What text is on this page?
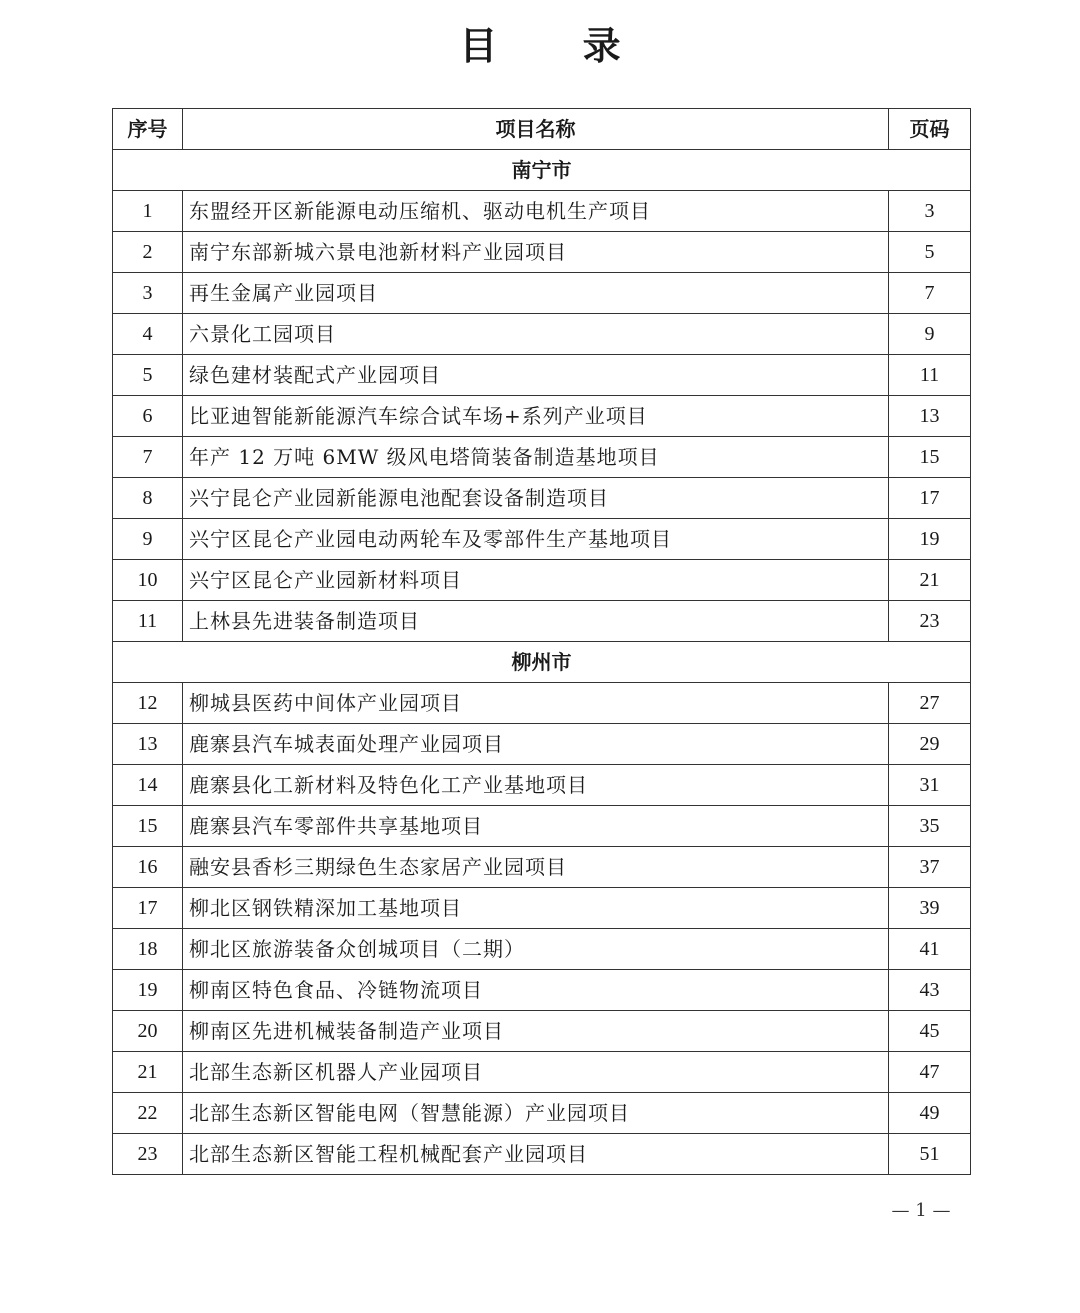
目 录
序号	项目名称	页码
南宁市		
1	东盟经开区新能源电动压缩机、驱动电机生产项目	3
2	南宁东部新城六景电池新材料产业园项目	5
3	再生金属产业园项目	7
4	六景化工园项目	9
5	绿色建材装配式产业园项目	11
6	比亚迪智能新能源汽车综合试车场+系列产业项目	13
7	年产 12 万吨 6MW 级风电塔筒装备制造基地项目	15
8	兴宁昆仑产业园新能源电池配套设备制造项目	17
9	兴宁区昆仑产业园电动两轮车及零部件生产基地项目	19
10	兴宁区昆仑产业园新材料项目	21
11	上林县先进装备制造项目	23
柳州市		
12	柳城县医药中间体产业园项目	27
13	鹿寨县汽车城表面处理产业园项目	29
14	鹿寨县化工新材料及特色化工产业基地项目	31
15	鹿寨县汽车零部件共享基地项目	35
16	融安县香杉三期绿色生态家居产业园项目	37
17	柳北区钢铁精深加工基地项目	39
18	柳北区旅游装备众创城项目（二期）	41
19	柳南区特色食品、冷链物流项目	43
20	柳南区先进机械装备制造产业项目	45
21	北部生态新区机器人产业园项目	47
22	北部生态新区智能电网（智慧能源）产业园项目	49
23	北部生态新区智能工程机械配套产业园项目	51
— 1 —
